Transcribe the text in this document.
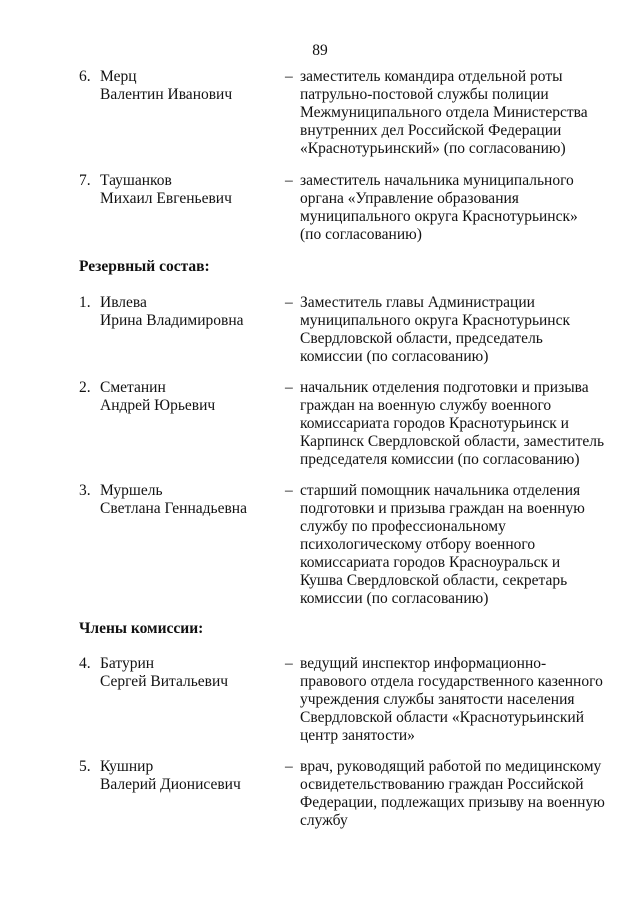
89
6. Мерц
Валентин Иванович
– заместитель командира отдельной роты
патрульно-постовой службы полиции
Межмуниципального отдела Министерства
внутренних дел Российской Федерации
«Краснотурьинский» (по согласованию)
7. Таушанков
Михаил Евгеньевич
– заместитель начальника муниципального
органа «Управление образования
муниципального округа Краснотурьинск»
(по согласованию)
Резервный состав:
1. Ивлева
Ирина Владимировна
– Заместитель главы Администрации
муниципального округа Краснотурьинск
Свердловской области, председатель
комиссии (по согласованию)
2. Сметанин
Андрей Юрьевич
– начальник отделения подготовки и призыва
граждан на военную службу военного
комиссариата городов Краснотурьинск и
Карпинск Свердловской области, заместитель
председателя комиссии (по согласованию)
3. Муршель
Светлана Геннадьевна
– старший помощник начальника отделения
подготовки и призыва граждан на военную
службу по профессиональному
психологическому отбору военного
комиссариата городов Красноуральск и
Кушва Свердловской области, секретарь
комиссии (по согласованию)
Члены комиссии:
4. Батурин
Сергей Витальевич
– ведущий инспектор информационно-
правового отдела государственного казенного
учреждения службы занятости населения
Свердловской области «Краснотурьинский
центр занятости»
5. Кушнир
Валерий Дионисевич
– врач, руководящий работой по медицинскому
освидетельствованию граждан Российской
Федерации, подлежащих призыву на военную
службу
